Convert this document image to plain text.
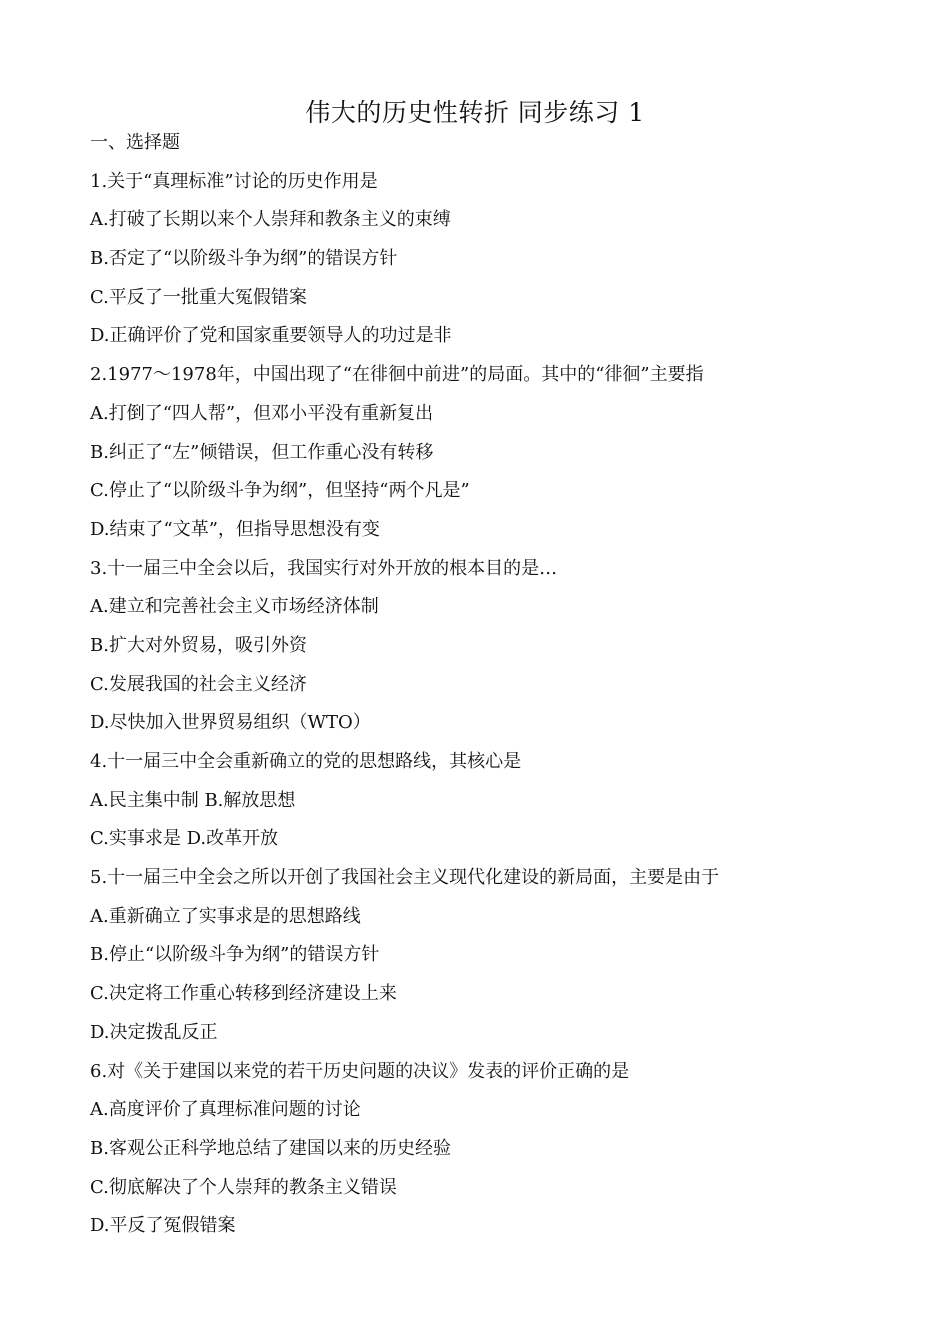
伟大的历史性转折 同步练习 1
一、选择题
1.关于“真理标准”讨论的历史作用是
A.打破了长期以来个人崇拜和教条主义的束缚
B.否定了“以阶级斗争为纲”的错误方针
C.平反了一批重大冤假错案
D.正确评价了党和国家重要领导人的功过是非
2.1977～1978年，中国出现了“在徘徊中前进”的局面。其中的“徘徊”主要指
A.打倒了“四人帮”，但邓小平没有重新复出
B.纠正了“左”倾错误，但工作重心没有转移
C.停止了“以阶级斗争为纲”，但坚持“两个凡是”
D.结束了“文革”，但指导思想没有变
3.十一届三中全会以后，我国实行对外开放的根本目的是…
A.建立和完善社会主义市场经济体制
B.扩大对外贸易，吸引外资
C.发展我国的社会主义经济
D.尽快加入世界贸易组织（WTO）
4.十一届三中全会重新确立的党的思想路线，其核心是
A.民主集中制 B.解放思想
C.实事求是 D.改革开放
5.十一届三中全会之所以开创了我国社会主义现代化建设的新局面，主要是由于
A.重新确立了实事求是的思想路线
B.停止“以阶级斗争为纲”的错误方针
C.决定将工作重心转移到经济建设上来
D.决定拨乱反正
6.对《关于建国以来党的若干历史问题的决议》发表的评价正确的是
A.高度评价了真理标准问题的讨论
B.客观公正科学地总结了建国以来的历史经验
C.彻底解决了个人崇拜的教条主义错误
D.平反了冤假错案
